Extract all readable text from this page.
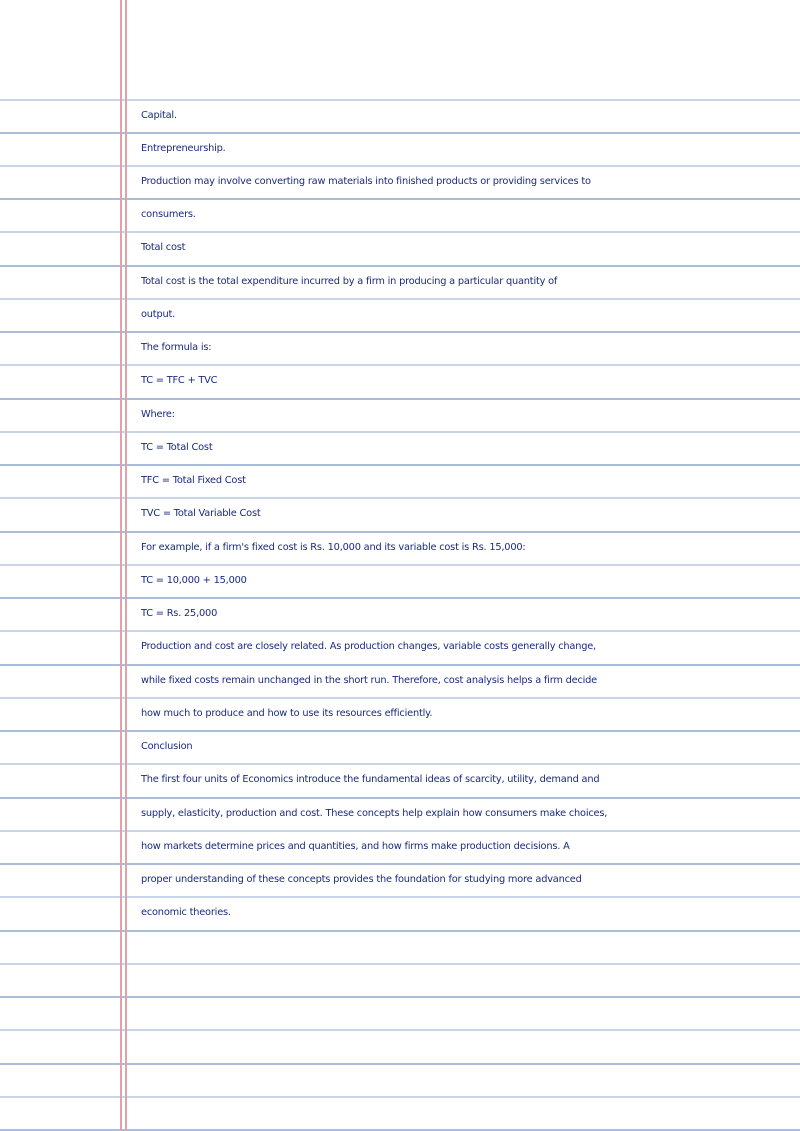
Capital.
Entrepreneurship.
Production may involve converting raw materials into finished products or providing services to
consumers.
Total cost
Total cost is the total expenditure incurred by a firm in producing a particular quantity of
output.
The formula is:
TC = TFC + TVC
Where:
TC = Total Cost
TFC = Total Fixed Cost
TVC = Total Variable Cost
For example, if a firm's fixed cost is Rs. 10,000 and its variable cost is Rs. 15,000:
TC = 10,000 + 15,000
TC = Rs. 25,000
Production and cost are closely related. As production changes, variable costs generally change,
while fixed costs remain unchanged in the short run. Therefore, cost analysis helps a firm decide
how much to produce and how to use its resources efficiently.
Conclusion
The first four units of Economics introduce the fundamental ideas of scarcity, utility, demand and
supply, elasticity, production and cost. These concepts help explain how consumers make choices,
how markets determine prices and quantities, and how firms make production decisions. A
proper understanding of these concepts provides the foundation for studying more advanced
economic theories.
